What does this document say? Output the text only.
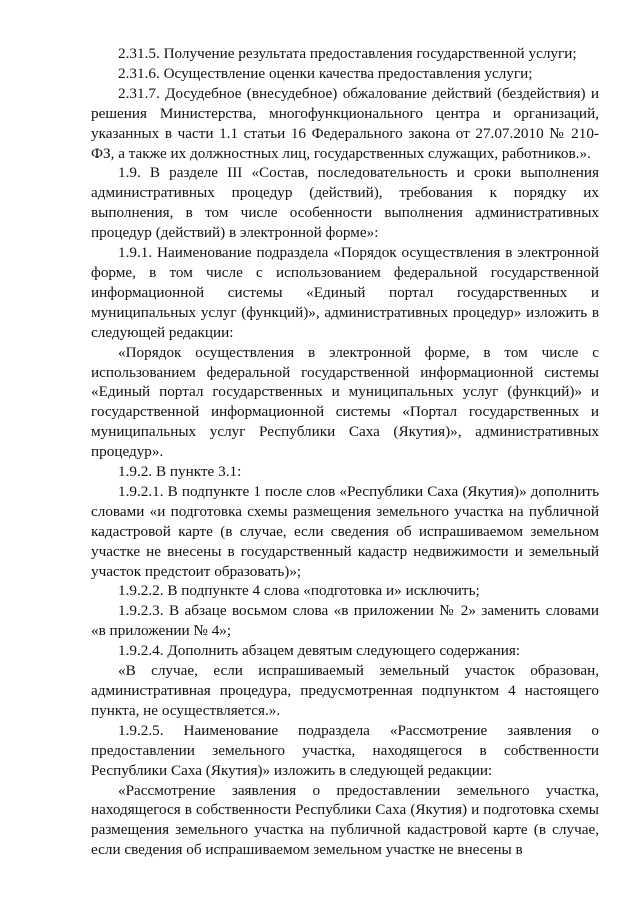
2.31.5. Получение результата предоставления государственной услуги;

2.31.6. Осуществление оценки качества предоставления услуги;

2.31.7. Досудебное (внесудебное) обжалование действий (бездействия) и решения Министерства, многофункционального центра и организаций, указанных в части 1.1 статьи 16 Федерального закона от 27.07.2010 № 210-ФЗ, а также их должностных лиц, государственных служащих, работников.».

1.9. В разделе III «Состав, последовательность и сроки выполнения административных процедур (действий), требования к порядку их выполнения, в том числе особенности выполнения административных процедур (действий) в электронной форме»:

1.9.1. Наименование подраздела «Порядок осуществления в электронной форме, в том числе с использованием федеральной государственной информационной системы «Единый портал государственных и муниципальных услуг (функций)», административных процедур» изложить в следующей редакции:

«Порядок осуществления в электронной форме, в том числе с использованием федеральной государственной информационной системы «Единый портал государственных и муниципальных услуг (функций)» и государственной информационной системы «Портал государственных и муниципальных услуг Республики Саха (Якутия)», административных процедур».

1.9.2. В пункте 3.1:

1.9.2.1. В подпункте 1 после слов «Республики Саха (Якутия)» дополнить словами «и подготовка схемы размещения земельного участка на публичной кадастровой карте (в случае, если сведения об испрашиваемом земельном участке не внесены в государственный кадастр недвижимости и земельный участок предстоит образовать)»;

1.9.2.2. В подпункте 4 слова «подготовка и» исключить;

1.9.2.3. В абзаце восьмом слова «в приложении № 2» заменить словами «в приложении № 4»;

1.9.2.4. Дополнить абзацем девятым следующего содержания:

«В случае, если испрашиваемый земельный участок образован, административная процедура, предусмотренная подпунктом 4 настоящего пункта, не осуществляется.».

1.9.2.5. Наименование подраздела «Рассмотрение заявления о предоставлении земельного участка, находящегося в собственности Республики Саха (Якутия)» изложить в следующей редакции:

«Рассмотрение заявления о предоставлении земельного участка, находящегося в собственности Республики Саха (Якутия) и подготовка схемы размещения земельного участка на публичной кадастровой карте (в случае, если сведения об испрашиваемом земельном участке не внесены в
